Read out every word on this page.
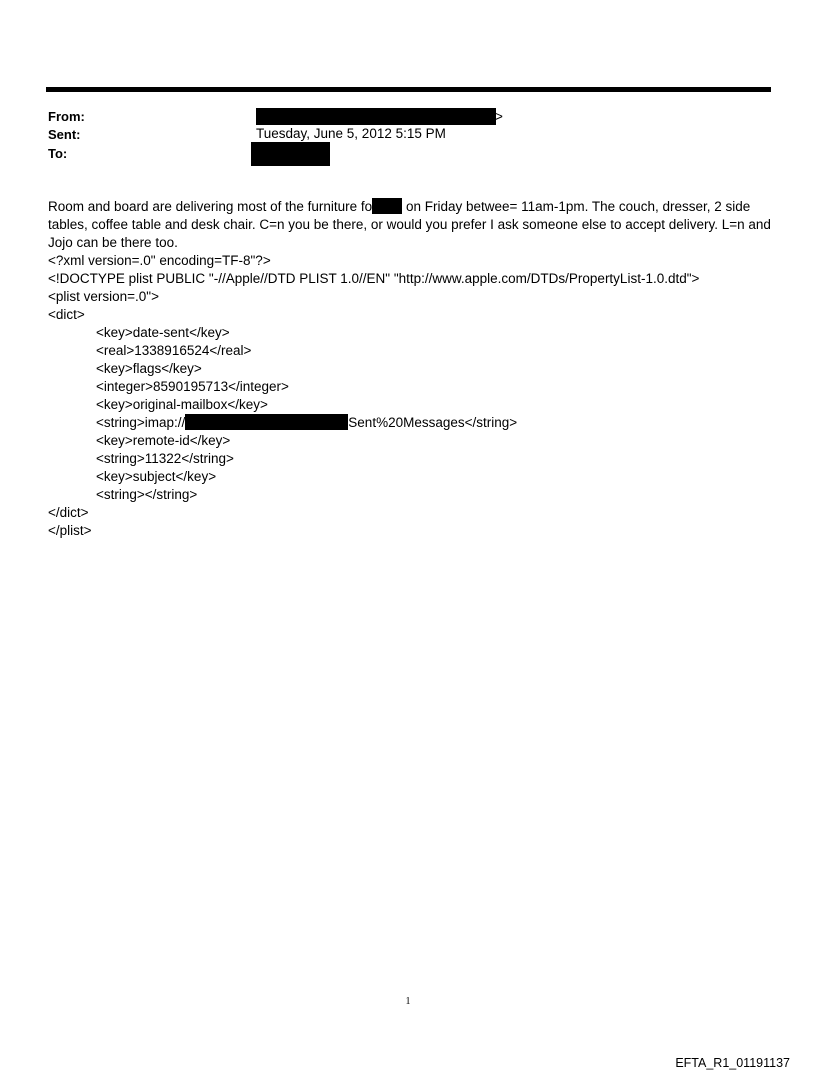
From:	>
Sent:	Tuesday, June 5, 2012 5:15 PM
To:
Room and board are delivering most of the furniture fo on Friday betwee= 11am-1pm. The couch, dresser, 2 side
tables, coffee table and desk chair. C=n you be there, or would you prefer I ask someone else to accept delivery. L=n and
Jojo can be there too.
<?xml version=.0" encoding=TF-8"?>
<!DOCTYPE plist PUBLIC "-//Apple//DTD PLIST 1.0//EN" "http://www.apple.com/DTDs/PropertyList-1.0.dtd">
<plist version=.0">
<dict>
<key>date-sent</key>
<real>1338916524</real>
<key>flags</key>
<integer>8590195713</integer>
<key>original-mailbox</key>
<string>imap://	Sent%20Messages</string>
<key>remote-id</key>
<string>11322</string>
<key>subject</key>
<string></string>
</dict>
</plist>
1
EFTA_R1_01191137
